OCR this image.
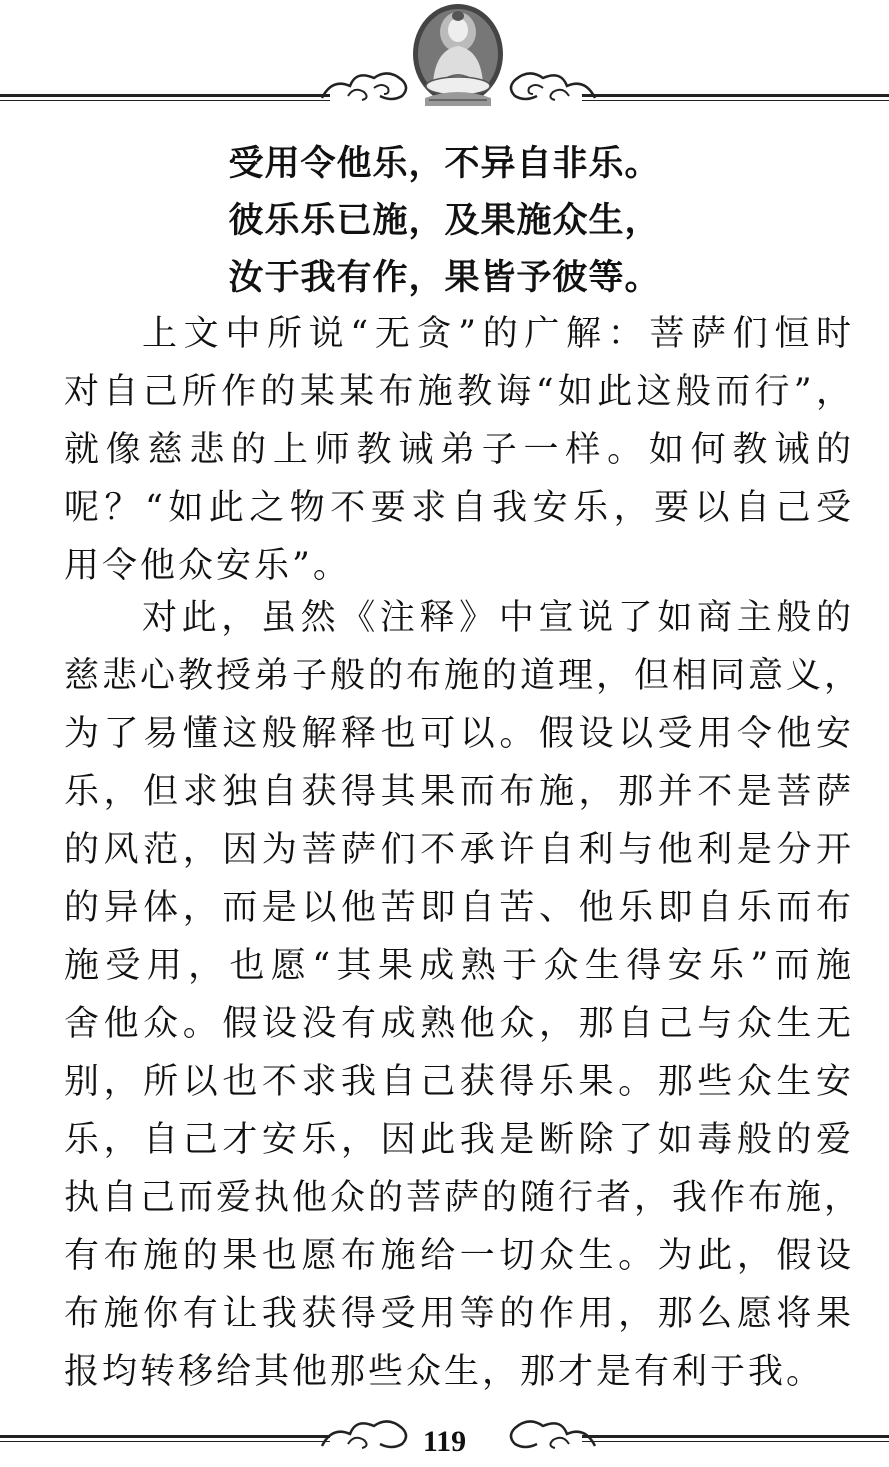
受用令他乐，不异自非乐。
彼乐乐已施，及果施众生，
汝于我有作，果皆予彼等。
上文中所说“无贪”的广解：菩萨们恒时
对自己所作的某某布施教诲“如此这般而行”，
就像慈悲的上师教诫弟子一样。如何教诫的
呢？“如此之物不要求自我安乐，要以自己受
用令他众安乐”。
对此，虽然《注释》中宣说了如商主般的
慈悲心教授弟子般的布施的道理，但相同意义，
为了易懂这般解释也可以。假设以受用令他安
乐，但求独自获得其果而布施，那并不是菩萨
的风范，因为菩萨们不承许自利与他利是分开
的异体，而是以他苦即自苦、他乐即自乐而布
施受用，也愿“其果成熟于众生得安乐”而施
舍他众。假设没有成熟他众，那自己与众生无
别，所以也不求我自己获得乐果。那些众生安
乐，自己才安乐，因此我是断除了如毒般的爱
执自己而爱执他众的菩萨的随行者，我作布施，
有布施的果也愿布施给一切众生。为此，假设
布施你有让我获得受用等的作用，那么愿将果
报均转移给其他那些众生，那才是有利于我。
119
